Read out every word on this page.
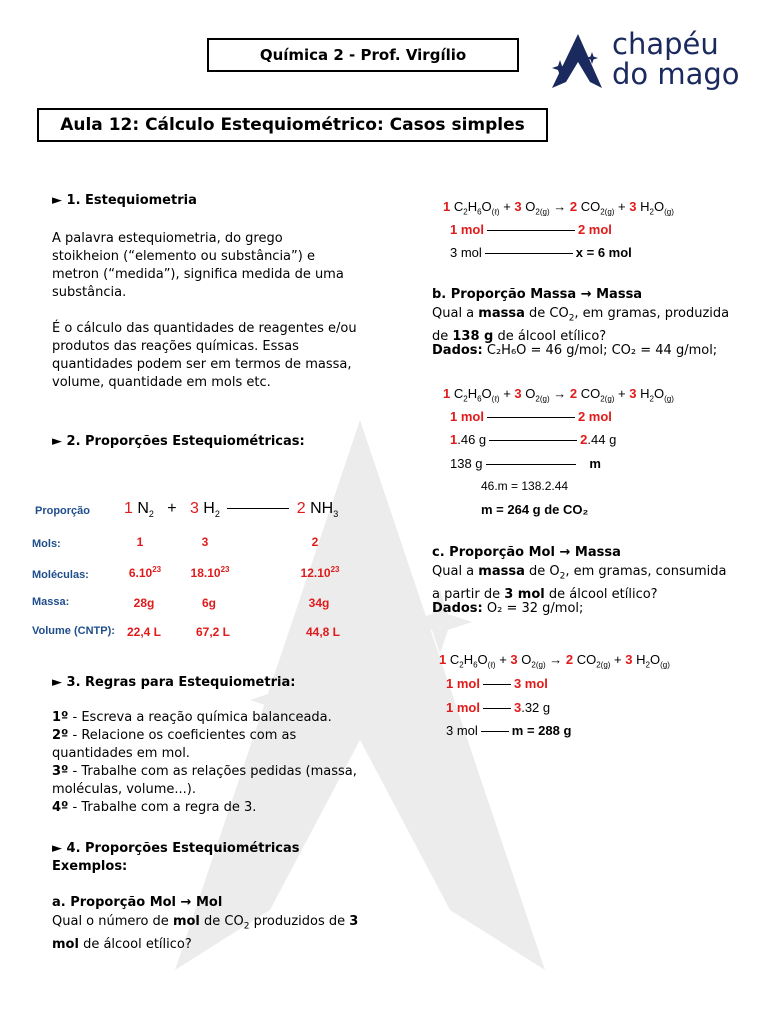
Química 2 - Prof. Virgílio
Aula 12: Cálculo Estequiométrico: Casos simples
chapéu
do mago
► 1. Estequiometria

A palavra estequiometria, do grego stoikheion (“elemento ou substância”) e metron (“medida”), significa medida de uma substância.

É o cálculo das quantidades de reagentes e/ou produtos das reações químicas. Essas quantidades podem ser em termos de massa, volume, quantidade em mols etc.

► 2. Proporções Estequiométricas:
Proporção 1 $N_2 + 3$ $H_2$	2 $NH_3$
Mols:	1	3	2
Moléculas:	6.10$^{23}$	18.10$^{23}$	12.10$^{23}$
Massa:	28g	6g	34g
Volume (CNTP):	22,4 L	67,2 L	44,8 L
► 3. Regras para Estequiometria:

1º - Escreva a reação química balanceada.

2º - Relacione os coeficientes com as quantidades em mol.

3º - Trabalhe com as relações pedidas (massa, moléculas, volume...).

4º - Trabalhe com a regra de 3.

► 4. Proporções Estequiométricas Exemplos:
a. Proporção Mol → Mol

Qual o número de mol de $CO_2$ produzidos de 3 mol de álcool etílico?

1 $C_2H_6O_{(\ell)} + 3$ $O_{2(g)} \to 2$ $CO_{2(g)} + 3$ $H_2O_{(g)}$
1 mol	2 mol
3 mol	x = 6 mol
b. Proporção Massa → Massa

Qual a massa de $CO_2$, em gramas, produzida de 138 g de álcool etílico?

Dados: C₂H₆O = 46 g/mol; CO₂ = 44 g/mol;

1 $C_2H_6O_{(\ell)} + 3$ $O_{2(g)} \to 2$ $CO_{2(g)} + 3$ $H_2O_{(g)}$
1 mol	2 mol
1.46 g	2.44 g
138 g	m
46.m = 138.2.44
m = 264 g de CO₂
c. Proporção Mol → Massa

Qual a massa de $O_2$, em gramas, consumida a partir de 3 mol de álcool etílico?

Dados: O₂ = 32 g/mol;

1 $C_2H_6O_{(\ell)} + 3$ $O_{2(g)} \to 2$ $CO_{2(g)} + 3$ $H_2O_{(g)}$
1 mol	3 mol
1 mol	3.32 g
3 mol	m = 288 g
